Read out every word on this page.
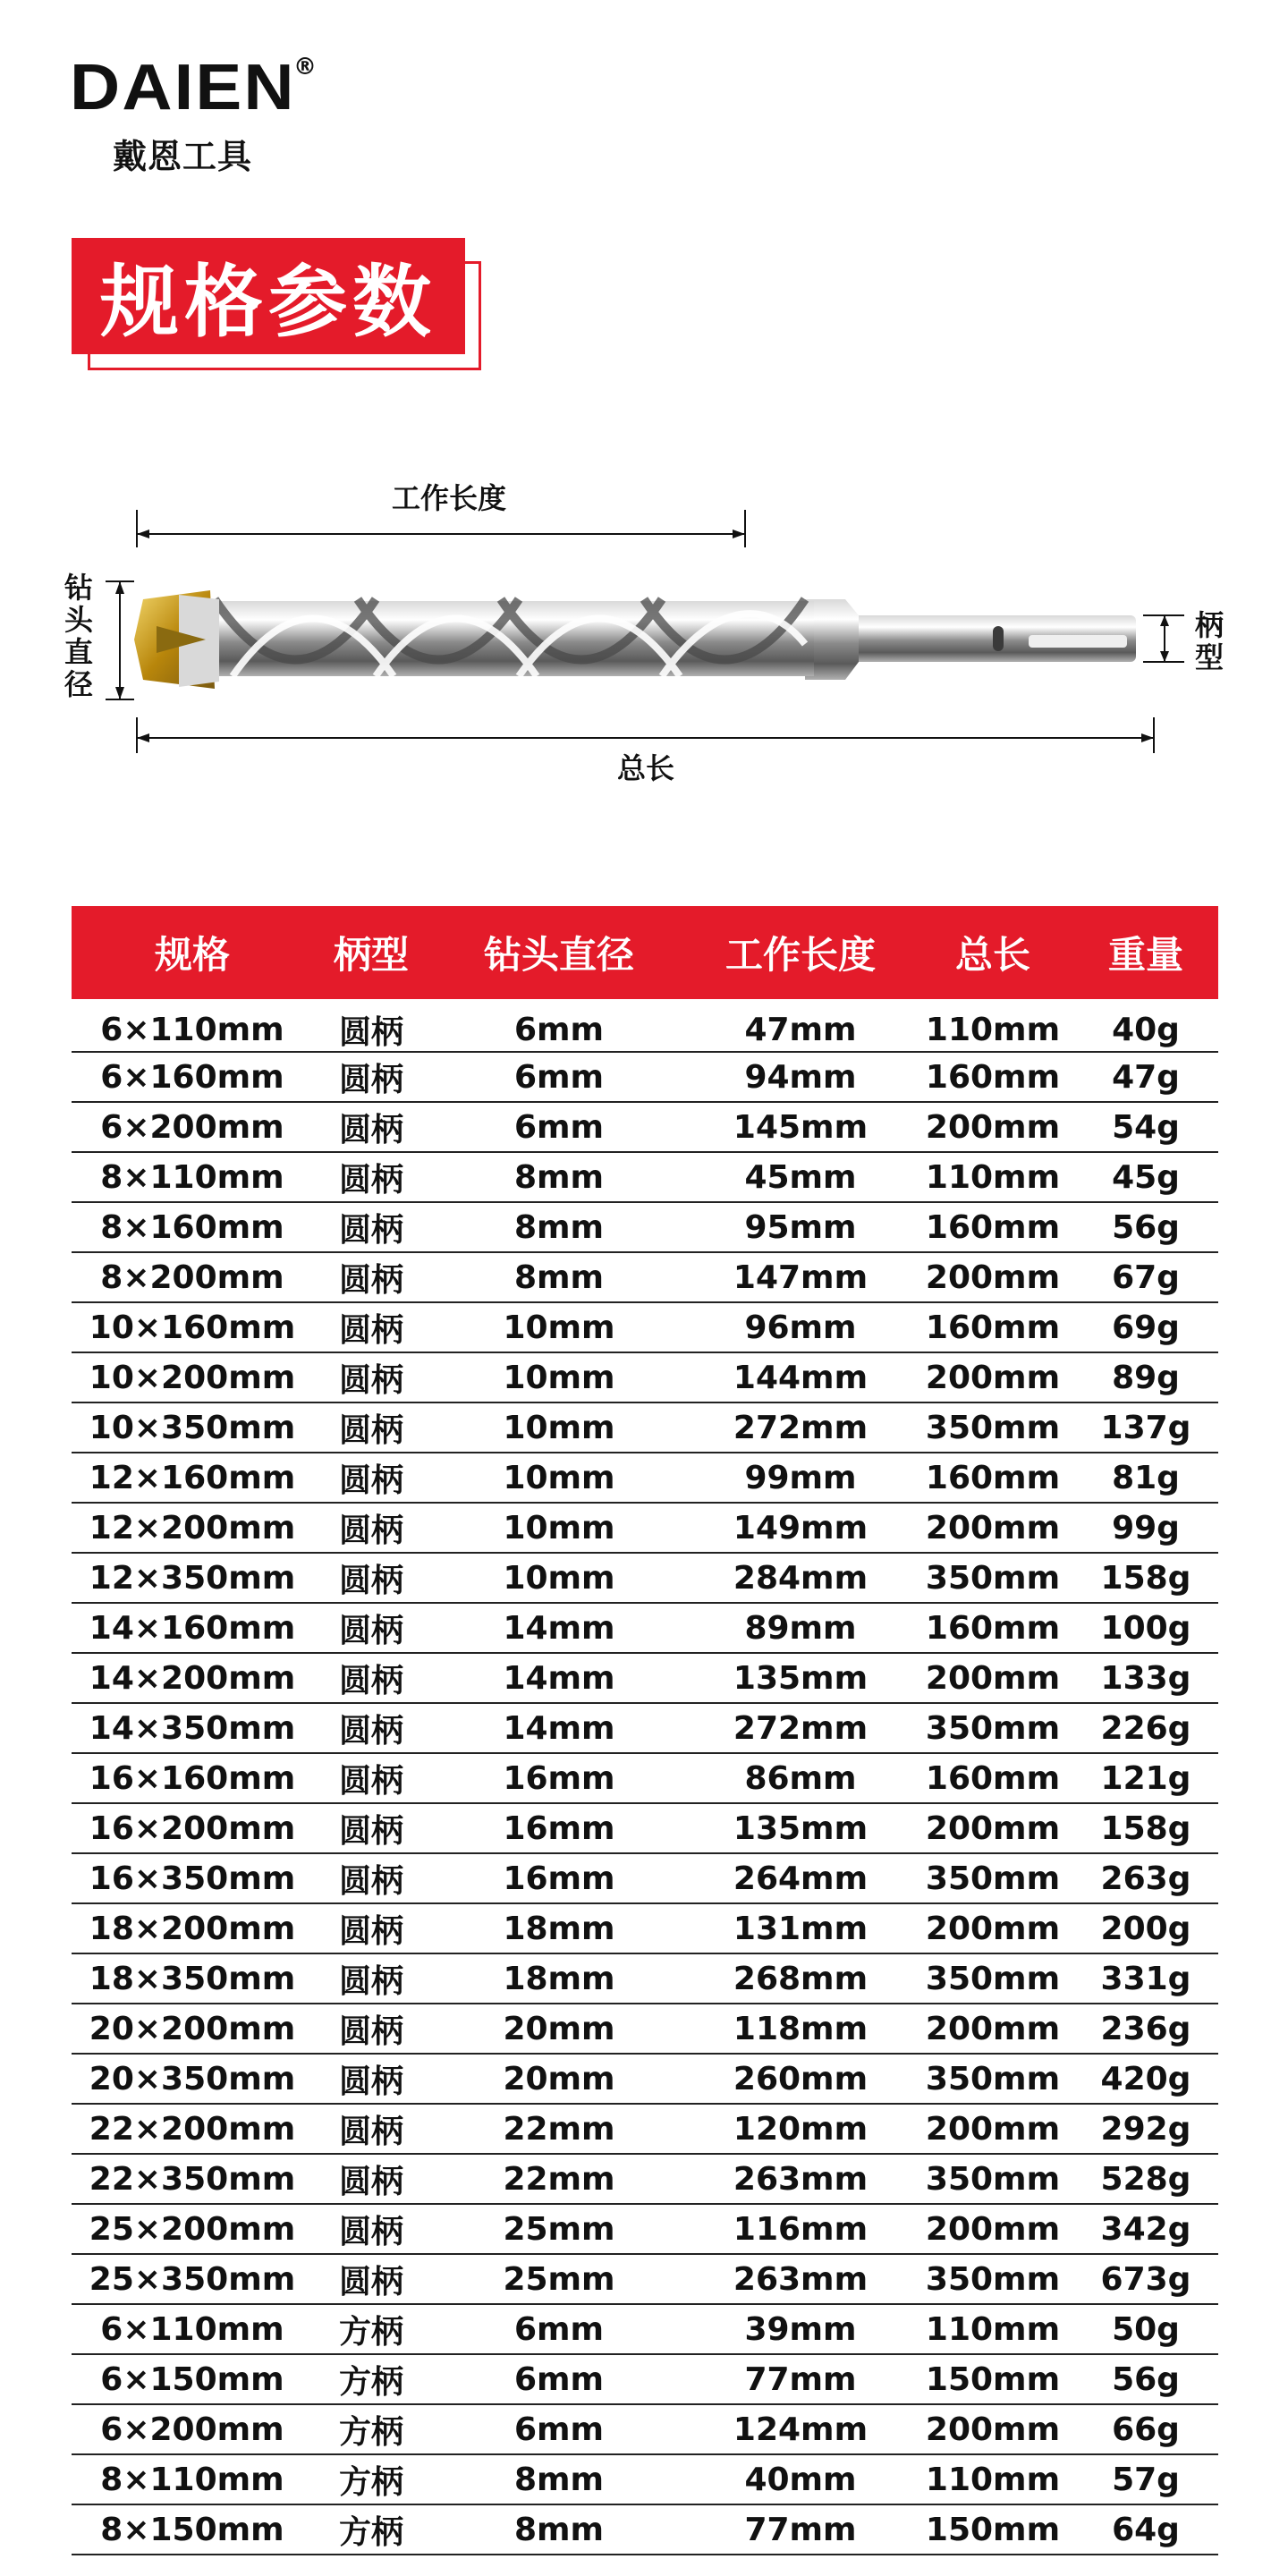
DAIEN
®
戴恩工具
规格参数
工作长度
钻
头
直
径
柄
型
总长
规格	柄型	钻头直径	工作长度	总长	重量
6×110mm	圆柄	6mm	47mm	110mm	40g
6×160mm	圆柄	6mm	94mm	160mm	47g
6×200mm	圆柄	6mm	145mm	200mm	54g
8×110mm	圆柄	8mm	45mm	110mm	45g
8×160mm	圆柄	8mm	95mm	160mm	56g
8×200mm	圆柄	8mm	147mm	200mm	67g
10×160mm	圆柄	10mm	96mm	160mm	69g
10×200mm	圆柄	10mm	144mm	200mm	89g
10×350mm	圆柄	10mm	272mm	350mm	137g
12×160mm	圆柄	10mm	99mm	160mm	81g
12×200mm	圆柄	10mm	149mm	200mm	99g
12×350mm	圆柄	10mm	284mm	350mm	158g
14×160mm	圆柄	14mm	89mm	160mm	100g
14×200mm	圆柄	14mm	135mm	200mm	133g
14×350mm	圆柄	14mm	272mm	350mm	226g
16×160mm	圆柄	16mm	86mm	160mm	121g
16×200mm	圆柄	16mm	135mm	200mm	158g
16×350mm	圆柄	16mm	264mm	350mm	263g
18×200mm	圆柄	18mm	131mm	200mm	200g
18×350mm	圆柄	18mm	268mm	350mm	331g
20×200mm	圆柄	20mm	118mm	200mm	236g
20×350mm	圆柄	20mm	260mm	350mm	420g
22×200mm	圆柄	22mm	120mm	200mm	292g
22×350mm	圆柄	22mm	263mm	350mm	528g
25×200mm	圆柄	25mm	116mm	200mm	342g
25×350mm	圆柄	25mm	263mm	350mm	673g
6×110mm	方柄	6mm	39mm	110mm	50g
6×150mm	方柄	6mm	77mm	150mm	56g
6×200mm	方柄	6mm	124mm	200mm	66g
8×110mm	方柄	8mm	40mm	110mm	57g
8×150mm	方柄	8mm	77mm	150mm	64g
